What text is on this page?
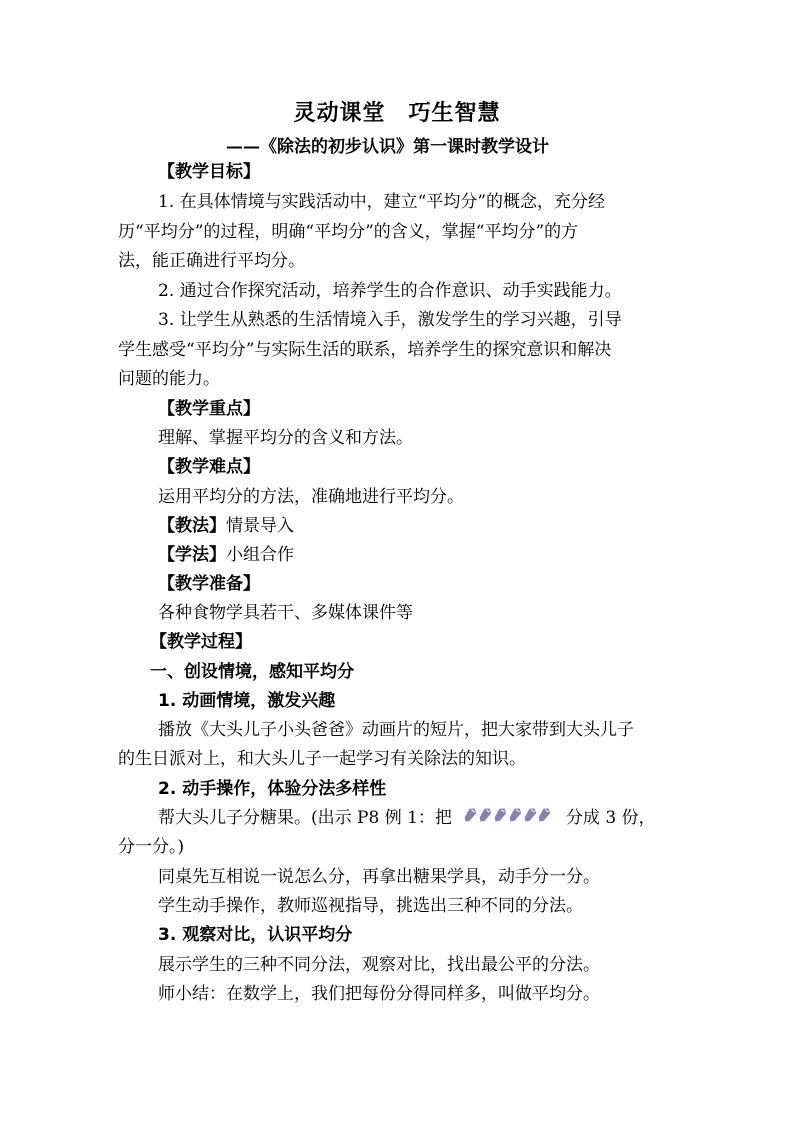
灵动课堂　巧生智慧
——《除法的初步认识》第一课时教学设计
【教学目标】
1. 在具体情境与实践活动中，建立“平均分”的概念，充分经
历“平均分”的过程，明确“平均分”的含义，掌握“平均分”的方
法，能正确进行平均分。
2. 通过合作探究活动，培养学生的合作意识、动手实践能力。
3. 让学生从熟悉的生活情境入手，激发学生的学习兴趣，引导
学生感受“平均分”与实际生活的联系，培养学生的探究意识和解决
问题的能力。
【教学重点】
理解、掌握平均分的含义和方法。
【教学难点】
运用平均分的方法，准确地进行平均分。
【教法】情景导入
【学法】小组合作
【教学准备】
各种食物学具若干、多媒体课件等
【教学过程】
一、创设情境，感知平均分
1. 动画情境，激发兴趣
播放《大头儿子小头爸爸》动画片的短片，把大家带到大头儿子
的生日派对上，和大头儿子一起学习有关除法的知识。
2. 动手操作，体验分法多样性
帮大头儿子分糖果。(出示 P8 例 1：把	分成 3 份，
分一分。)
同桌先互相说一说怎么分，再拿出糖果学具，动手分一分。
学生动手操作，教师巡视指导，挑选出三种不同的分法。
3. 观察对比，认识平均分
展示学生的三种不同分法，观察对比，找出最公平的分法。
师小结：在数学上，我们把每份分得同样多，叫做平均分。
